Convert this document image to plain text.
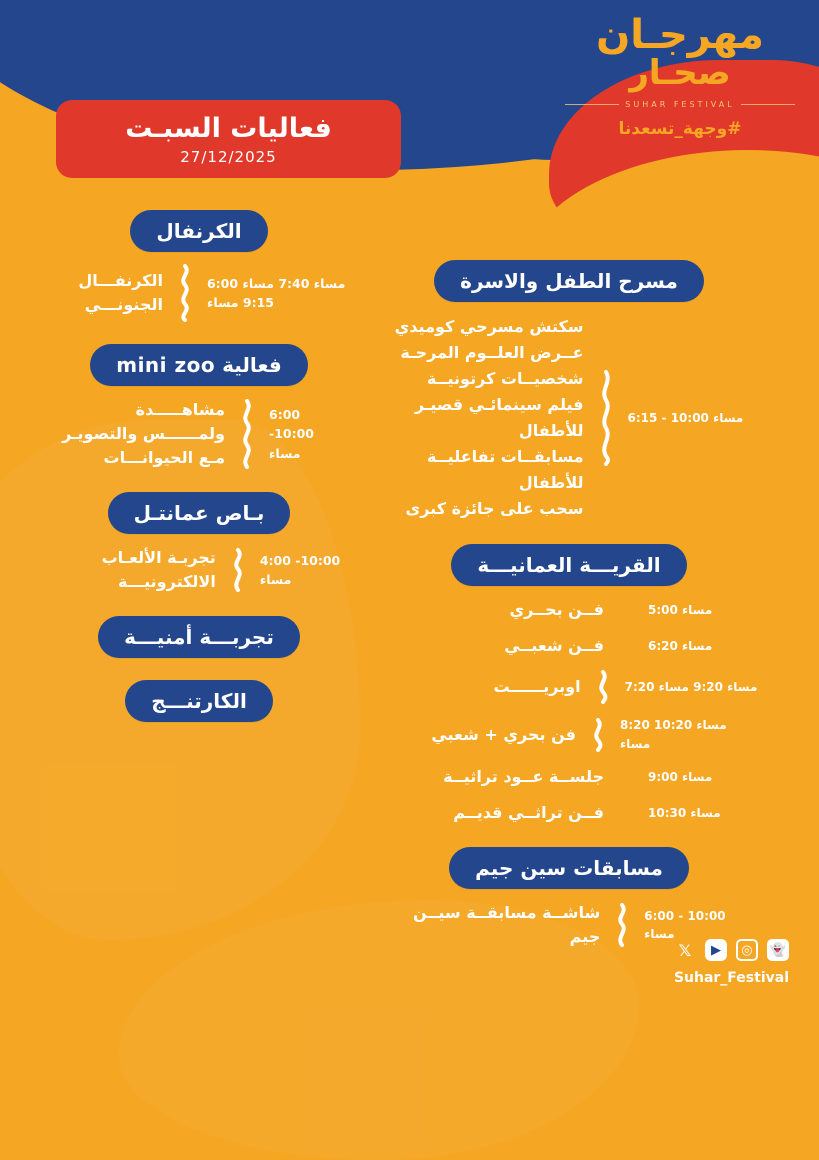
مهرجـان
صحـار
SUHAR FESTIVAL
#وجهة_تسعدنا
فعاليات السبـت
27/12/2025
الكرنفال
6:00 مساء 7:40 مساء 9:15 مساء
الكرنفـــال الجنونـــي
فعالية mini zoo
6:00 -10:00 مساء
مشاهـــــدة ولمــــــس والتصويـر مـع الحيوانـــات
بـاص عمانتـل
4:00 -10:00 مساء
تجربـة الألعـاب الالكترونيـــة
تجربـــة أمنيـــة
الكارتنـــج
مسرح الطفل والاسرة
6:15 - 10:00 مساء
سكتش مسرحي كوميدي
عــرض العلــوم المرحـة
شخصيــات كرتونيــة
فيلم سينمائـي قصيـر
للأطفال
مسابقــات تفاعليــة
للأطفال
سحب على جائزة كبرى
القريـــة العمانيـــة
5:00 مساء
فــن بحــري
6:20 مساء
فــن شعبــي
7:20 مساء 9:20 مساء
اوبريــــــت
8:20 مساء 10:20 مساء
فن بحري + شعبي
9:00 مساء
جلســة عــود تراثيــة
10:30 مساء
فــن تراثــي قديــم
مسابقات سين جيم
6:00 - 10:00 مساء
شاشــة مسابقــة سيــن جيم
𝕏	▶	◎	👻
Suhar_Festival
